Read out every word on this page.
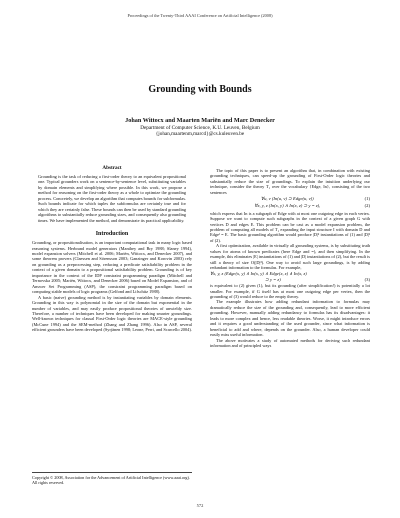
Proceedings of the Twenty-Third AAAI Conference on Artificial Intelligence (2008)
Grounding with Bounds
Johan Wittocx and Maarten Mariën and Marc Denecker
Department of Computer Science, K.U. Leuven, Belgium
{johan,maartenm,marcd}@cs.kuleuven.be
Abstract
Grounding is the task of reducing a first-order theory to an equivalent propositional one. Typical grounders work on a sentence-by-sentence level, substituting variables by domain elements and simplifying where possible. In this work, we propose a method for reasoning on the first-order theory as a whole to optimize the grounding process. Concretely, we develop an algorithm that computes bounds for subformulas. Such bounds indicate for which tuples the subformulas are certainly true and for which they are certainly false. These bounds can then be used by standard grounding algorithms to substantially reduce grounding sizes, and consequently also grounding times. We have implemented the method, and demonstrate its practical applicability.
Introduction

Grounding, or propositionalisation, is an important computational task in many logic based reasoning systems. Herbrand model generators (Manthey and Bry 1988; Slaney 1994), model expansion solvers (Mitchell et al. 2006; Mariën, Wittocx, and Denecker 2007), and some theorem provers (Claessen and Sörensson 2003; Ganzinger and Korovin 2003) rely on grounding as a preprocessing step, reducing a predicate satisfiability problem in the context of a given domain to a propositional satisfiability problem. Grounding is of key importance in the context of the IDP constraint programming paradigm (Mitchell and Ternovska 2005; Mariën, Wittocx, and Denecker 2006) based on Model Expansion, and of Answer Set Programming (ASP), the constraint programming paradigm based on computing stable models of logic programs (Gelfond and Lifschitz 1988).

A basic (naive) grounding method is by instantiating variables by domain elements. Grounding in this way is polynomial in the size of the domain but exponential in the number of variables, and may easily produce propositional theories of unwieldy size. Therefore, a number of techniques have been developed for making smarter groundings. Well-known techniques for clausal First-Order logic theories are MACE-style grounding (McCune 1994) and the SEM-method (Zhang and Zhang 1996). Also in ASP, several efficient grounders have been developed (Syrjänen 1998; Leone, Perri, and Scarcello 2004).

Copyright © 2008, Association for the Advancement of Artificial Intelligence (www.aaai.org). All rights reserved.

The topic of this paper is to present an algorithm that, in combination with existing grounding techniques, can speed-up the grounding of First-Order logic theories and substantially reduce the size of groundings. To explain the intuition underlying our technique, consider the theory T₁ over the vocabulary {Edge, In}, consisting of the two sentences

∀u, v (In(u, v) ⊃ Edge(u, v))	(1)
∀x, y, z (In(x, y) ∧ In(x, z) ⊃ y = z),	(2)

which express that In is a subgraph of Edge with at most one outgoing edge in each vertex. Suppose we want to compute such subgraphs in the context of a given graph G with vertices D and edges E. This problem can be cast as a model expansion problem, the problem of computing all models of T₁ expanding the input structure I with domain D and Edgeᴵ = E. The basic grounding algorithm would produce |D|² instantiations of (1) and |D|³ of (2).

A first optimization, available in virtually all grounding systems, is by substituting truth values for atoms of known predicates (here Edge and =), and then simplifying. In the example, this eliminates |E| instantiations of (1) and |D| instantiations of (2), but the result is still a theory of size O(|D|³). One way to avoid such large groundings, is by adding redundant information to the formulas. For example,

∀x, y, z (Edge(x, y) ∧ In(x, y) ∧ Edge(x, z) ∧ In(x, z)
⊃ y = z)	(3)

is equivalent to (2) given (1), but its grounding (after simplification!) is potentially a lot smaller. For example, if G itself has at most one outgoing edge per vertex, then the grounding of (3) would reduce to the empty theory.

The example illustrates how adding redundant information to formulas may dramatically reduce the size of the grounding and, consequently, lead to more efficient grounding. However, manually adding redundancy to formulas has its disadvantages: it leads to more complex and hence, less readable theories. Worse, it might introduce errors and it requires a good understanding of the used grounder, since what information is beneficial to add and where, depends on the grounder. Also, a human developer could easily miss useful information.

The above motivates a study of automated methods for deriving such redundant information and of principled ways

572
